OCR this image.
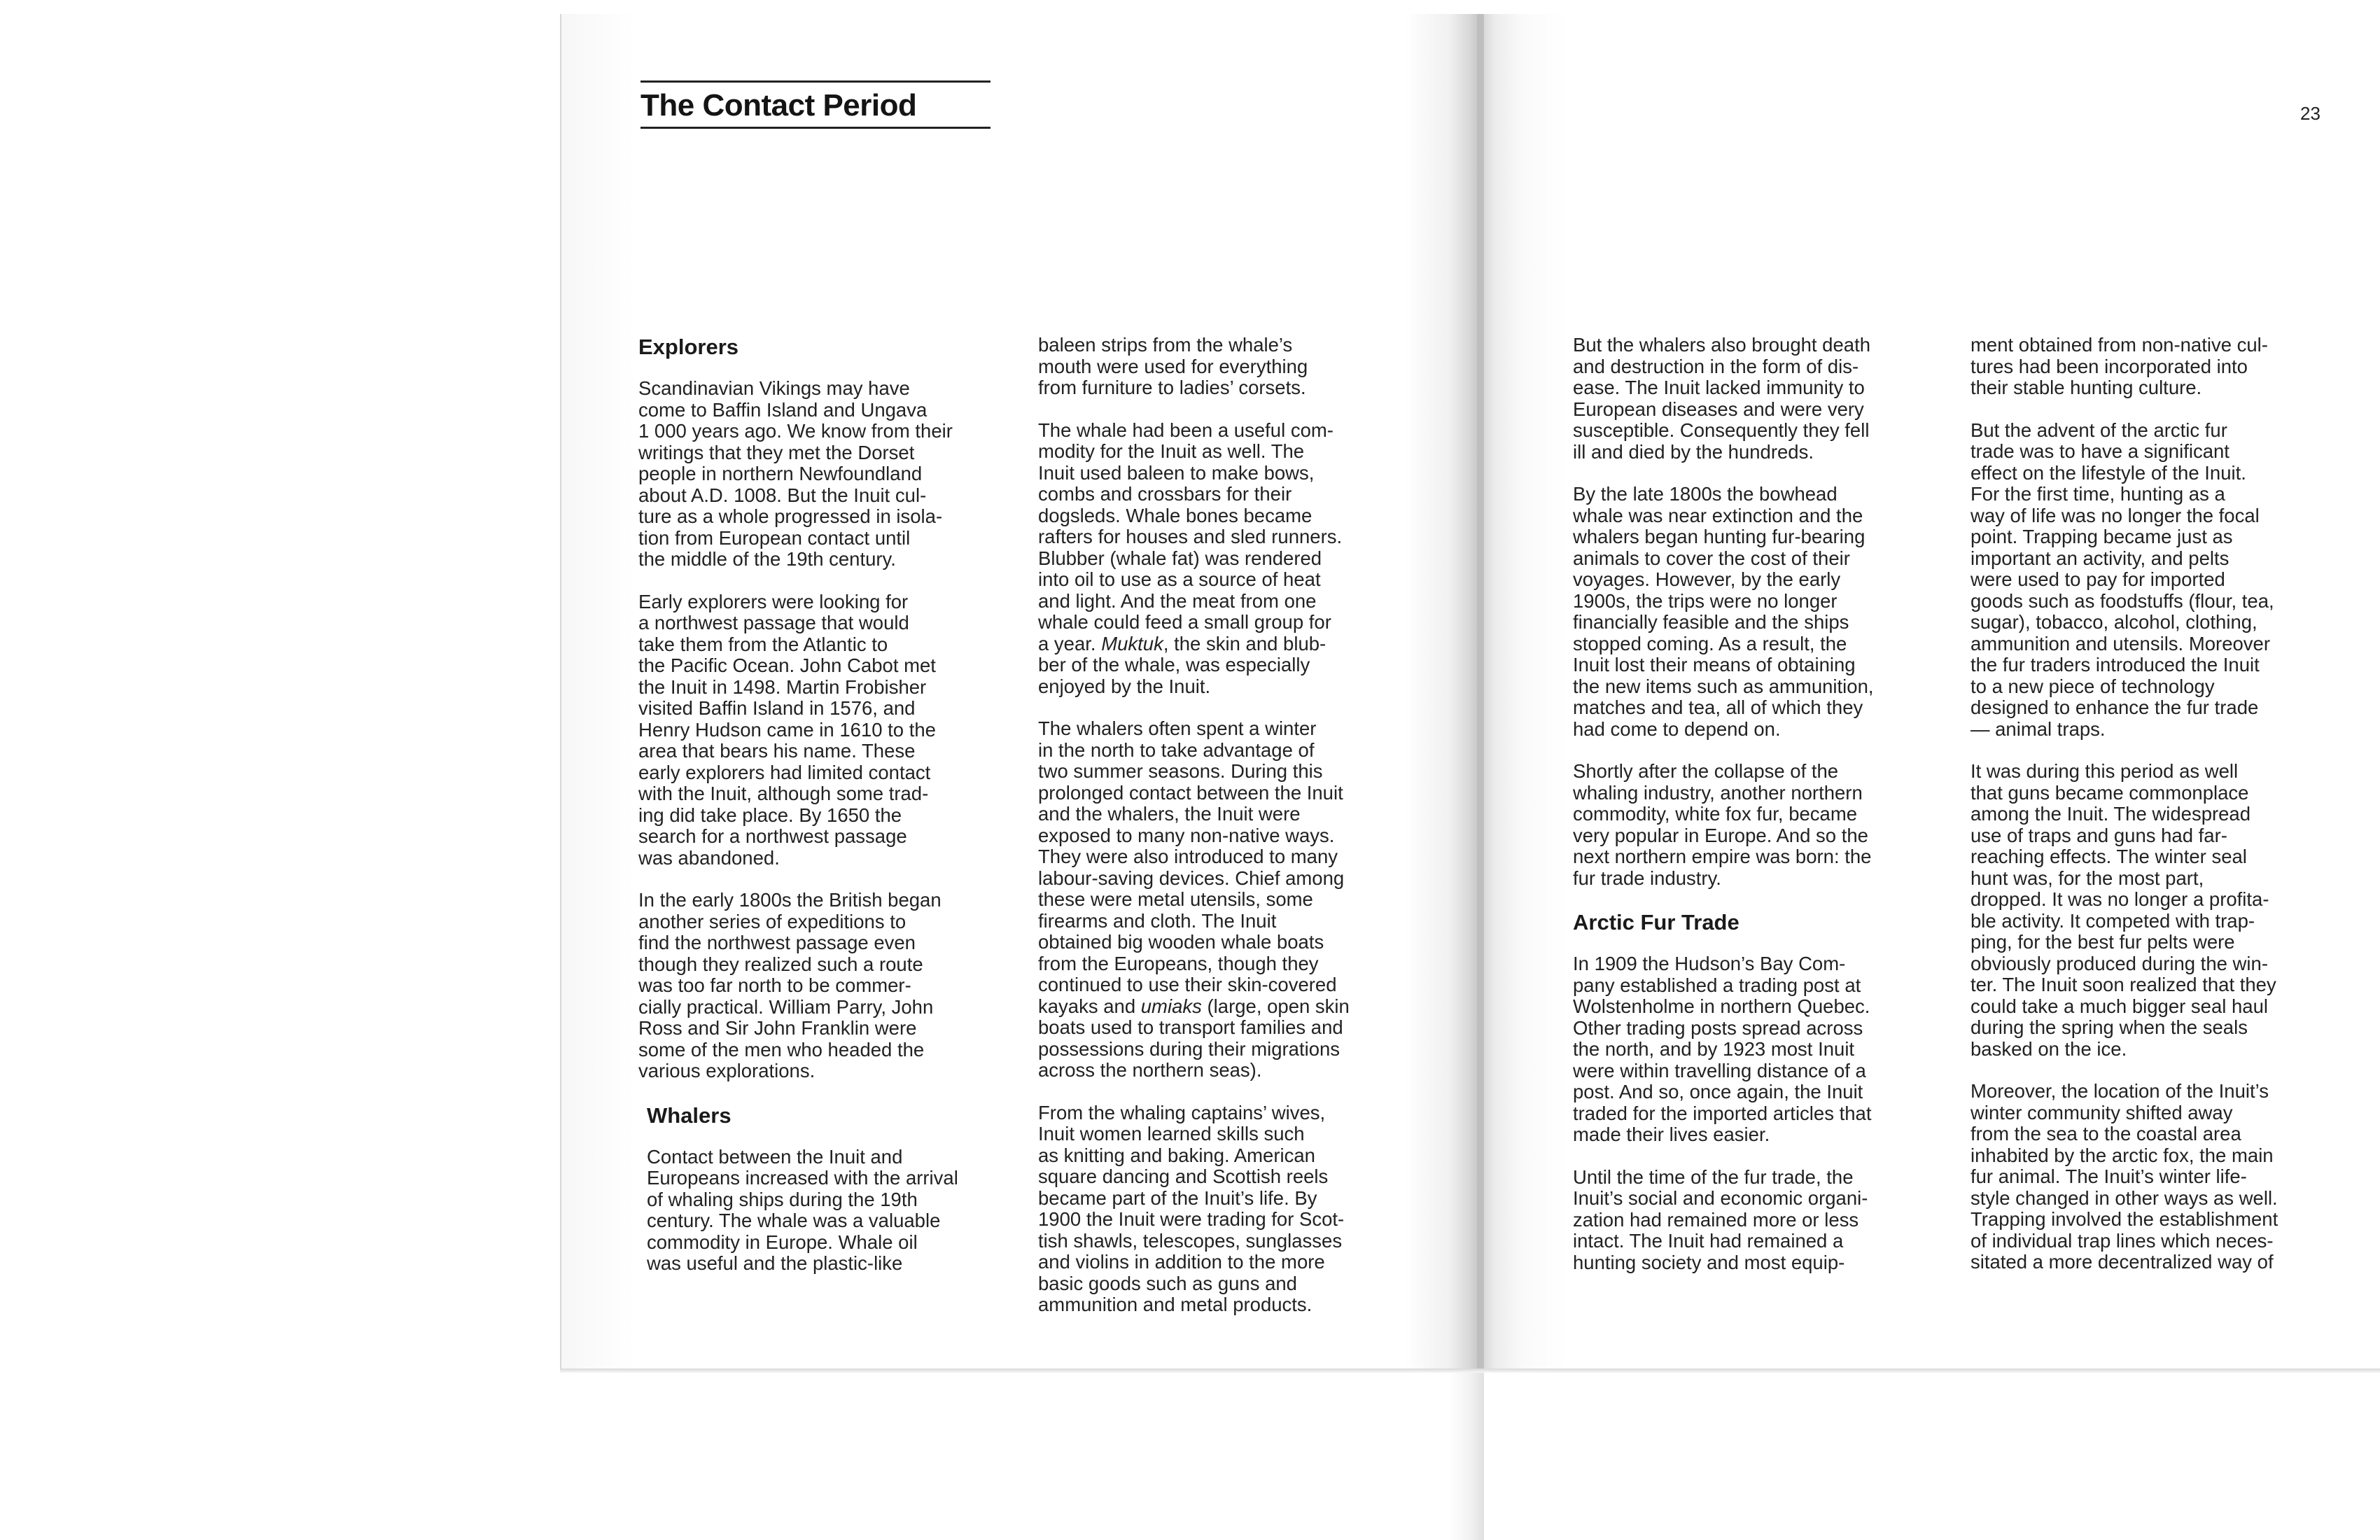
The Contact Period	23
Explorers

Scandinavian Vikings may have
come to Baffin Island and Ungava
1 000 years ago. We know from their
writings that they met the Dorset
people in northern Newfoundland
about A.D. 1008. But the Inuit cul-
ture as a whole progressed in isola-
tion from European contact until
the middle of the 19th century.

Early explorers were looking for
a northwest passage that would
take them from the Atlantic to
the Pacific Ocean. John Cabot met
the Inuit in 1498. Martin Frobisher
visited Baffin Island in 1576, and
Henry Hudson came in 1610 to the
area that bears his name. These
early explorers had limited contact
with the Inuit, although some trad-
ing did take place. By 1650 the
search for a northwest passage
was abandoned.

In the early 1800s the British began
another series of expeditions to
find the northwest passage even
though they realized such a route
was too far north to be commer-
cially practical. William Parry, John
Ross and Sir John Franklin were
some of the men who headed the
various explorations.

Whalers

Contact between the Inuit and
Europeans increased with the arrival
of whaling ships during the 19th
century. The whale was a valuable
commodity in Europe. Whale oil
was useful and the plastic-like

baleen strips from the whale’s
mouth were used for everything
from furniture to ladies’ corsets.

The whale had been a useful com-
modity for the Inuit as well. The
Inuit used baleen to make bows,
combs and crossbars for their
dogsleds. Whale bones became
rafters for houses and sled runners.
Blubber (whale fat) was rendered
into oil to use as a source of heat
and light. And the meat from one
whale could feed a small group for
a year. Muktuk, the skin and blub-
ber of the whale, was especially
enjoyed by the Inuit.

The whalers often spent a winter
in the north to take advantage of
two summer seasons. During this
prolonged contact between the Inuit
and the whalers, the Inuit were
exposed to many non-native ways.
They were also introduced to many
labour-saving devices. Chief among
these were metal utensils, some
firearms and cloth. The Inuit
obtained big wooden whale boats
from the Europeans, though they
continued to use their skin-covered
kayaks and umiaks (large, open skin
boats used to transport families and
possessions during their migrations
across the northern seas).

From the whaling captains’ wives,
Inuit women learned skills such
as knitting and baking. American
square dancing and Scottish reels
became part of the Inuit’s life. By
1900 the Inuit were trading for Scot-
tish shawls, telescopes, sunglasses
and violins in addition to the more
basic goods such as guns and
ammunition and metal products.

But the whalers also brought death
and destruction in the form of dis-
ease. The Inuit lacked immunity to
European diseases and were very
susceptible. Consequently they fell
ill and died by the hundreds.

By the late 1800s the bowhead
whale was near extinction and the
whalers began hunting fur-bearing
animals to cover the cost of their
voyages. However, by the early
1900s, the trips were no longer
financially feasible and the ships
stopped coming. As a result, the
Inuit lost their means of obtaining
the new items such as ammunition,
matches and tea, all of which they
had come to depend on.

Shortly after the collapse of the
whaling industry, another northern
commodity, white fox fur, became
very popular in Europe. And so the
next northern empire was born: the
fur trade industry.

Arctic Fur Trade

In 1909 the Hudson’s Bay Com-
pany established a trading post at
Wolstenholme in northern Quebec.
Other trading posts spread across
the north, and by 1923 most Inuit
were within travelling distance of a
post. And so, once again, the Inuit
traded for the imported articles that
made their lives easier.

Until the time of the fur trade, the
Inuit’s social and economic organi-
zation had remained more or less
intact. The Inuit had remained a
hunting society and most equip-

ment obtained from non-native cul-
tures had been incorporated into
their stable hunting culture.

But the advent of the arctic fur
trade was to have a significant
effect on the lifestyle of the Inuit.
For the first time, hunting as a
way of life was no longer the focal
point. Trapping became just as
important an activity, and pelts
were used to pay for imported
goods such as foodstuffs (flour, tea,
sugar), tobacco, alcohol, clothing,
ammunition and utensils. Moreover
the fur traders introduced the Inuit
to a new piece of technology
designed to enhance the fur trade
— animal traps.

It was during this period as well
that guns became commonplace
among the Inuit. The widespread
use of traps and guns had far-
reaching effects. The winter seal
hunt was, for the most part,
dropped. It was no longer a profita-
ble activity. It competed with trap-
ping, for the best fur pelts were
obviously produced during the win-
ter. The Inuit soon realized that they
could take a much bigger seal haul
during the spring when the seals
basked on the ice.

Moreover, the location of the Inuit’s
winter community shifted away
from the sea to the coastal area
inhabited by the arctic fox, the main
fur animal. The Inuit’s winter life-
style changed in other ways as well.
Trapping involved the establishment
of individual trap lines which neces-
sitated a more decentralized way of
